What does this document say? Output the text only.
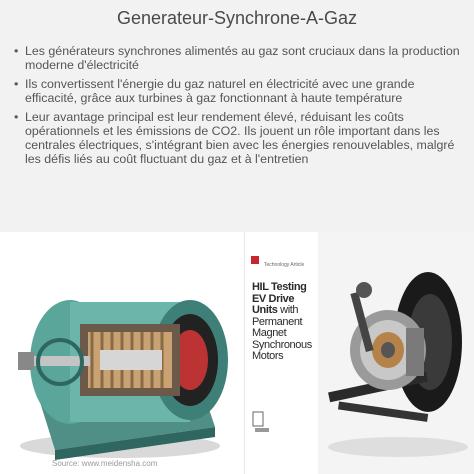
Generateur-Synchrone-A-Gaz
• Les générateurs synchrones alimentés au gaz sont cruciaux dans la production moderne d'électricité
• Ils convertissent l'énergie du gaz naturel en électricité avec une grande efficacité, grâce aux turbines à gaz fonctionnant à haute température
• Leur avantage principal est leur rendement élevé, réduisant les coûts opérationnels et les émissions de CO2. Ils jouent un rôle important dans les centrales électriques, s'intégrant bien avec les énergies renouvelables, malgré les défis liés au coût fluctuant du gaz et à l'entretien
Technology Article
HIL Testing EV Drive Units with Permanent Magnet Synchronous Motors
Source: www.meidensha.com
